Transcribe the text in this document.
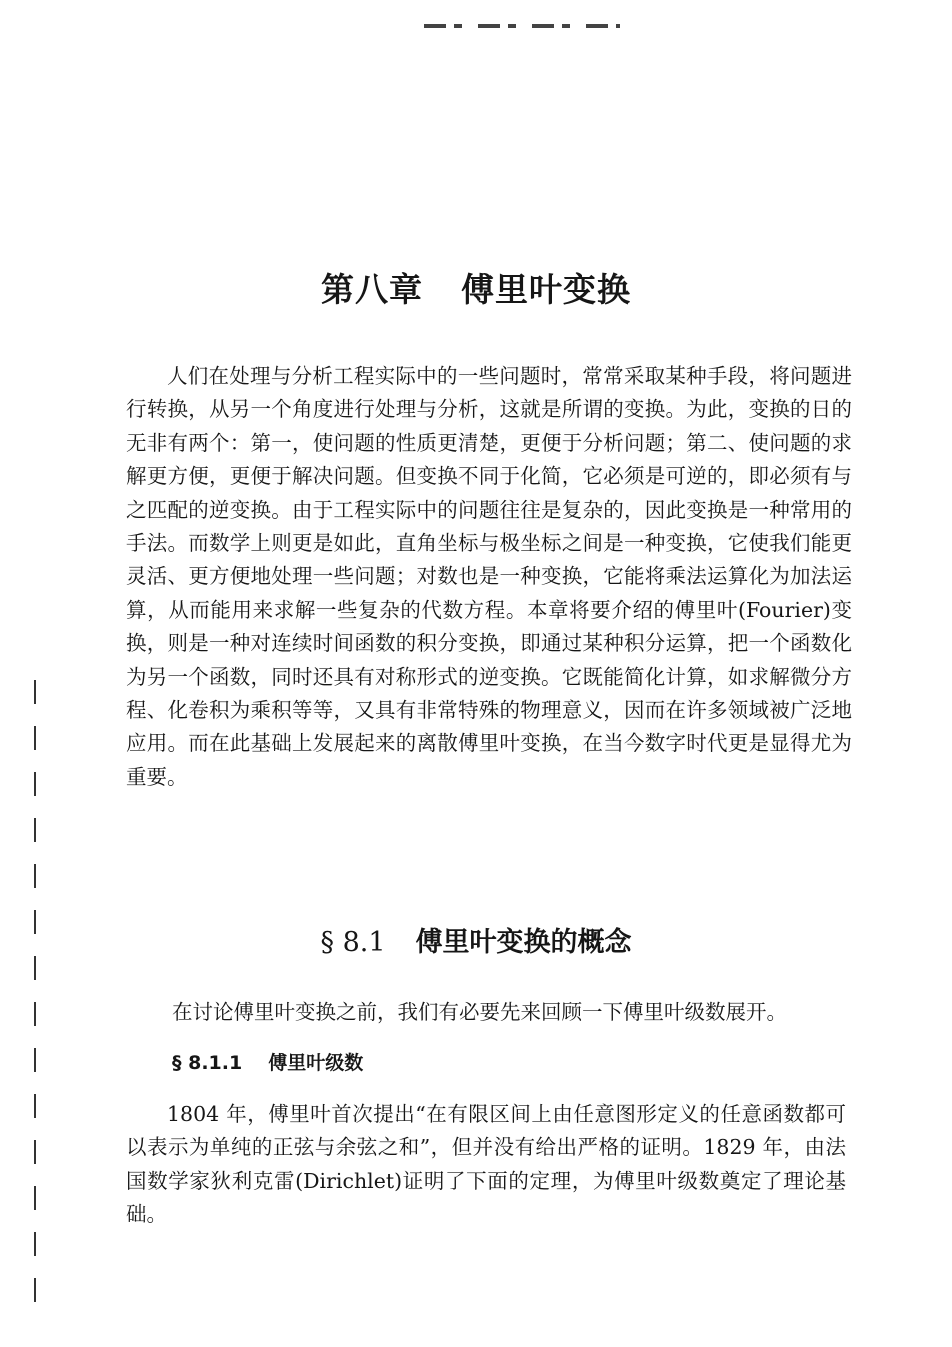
第八章 傅里叶变换

人们在处理与分析工程实际中的一些问题时，常常采取某种手段，将问题进行转换，从另一个角度进行处理与分析，这就是所谓的变换。为此，变换的日的无非有两个：第一，使问题的性质更清楚，更便于分析问题；第二、使问题的求解更方便，更便于解决问题。但变换不同于化简，它必须是可逆的，即必须有与之匹配的逆变换。由于工程实际中的问题往往是复杂的，因此变换是一种常用的手法。而数学上则更是如此，直角坐标与极坐标之间是一种变换，它使我们能更灵活、更方便地处理一些问题；对数也是一种变换，它能将乘法运算化为加法运算，从而能用来求解一些复杂的代数方程。本章将要介绍的傅里叶(Fourier)变换，则是一种对连续时间函数的积分变换，即通过某种积分运算，把一个函数化为另一个函数，同时还具有对称形式的逆变换。它既能简化计算，如求解微分方程、化卷积为乘积等等，又具有非常特殊的物理意义，因而在许多领域被广泛地应用。而在此基础上发展起来的离散傅里叶变换，在当今数字时代更是显得尤为重要。

§ 8.1 傅里叶变换的概念

在讨论傅里叶变换之前，我们有必要先来回顾一下傅里叶级数展开。

§ 8.1.1 傅里叶级数

1804 年，傅里叶首次提出“在有限区间上由任意图形定义的任意函数都可以表示为单纯的正弦与余弦之和”，但并没有给出严格的证明。1829 年，由法国数学家狄利克雷(Dirichlet)证明了下面的定理，为傅里叶级数奠定了理论基础。
